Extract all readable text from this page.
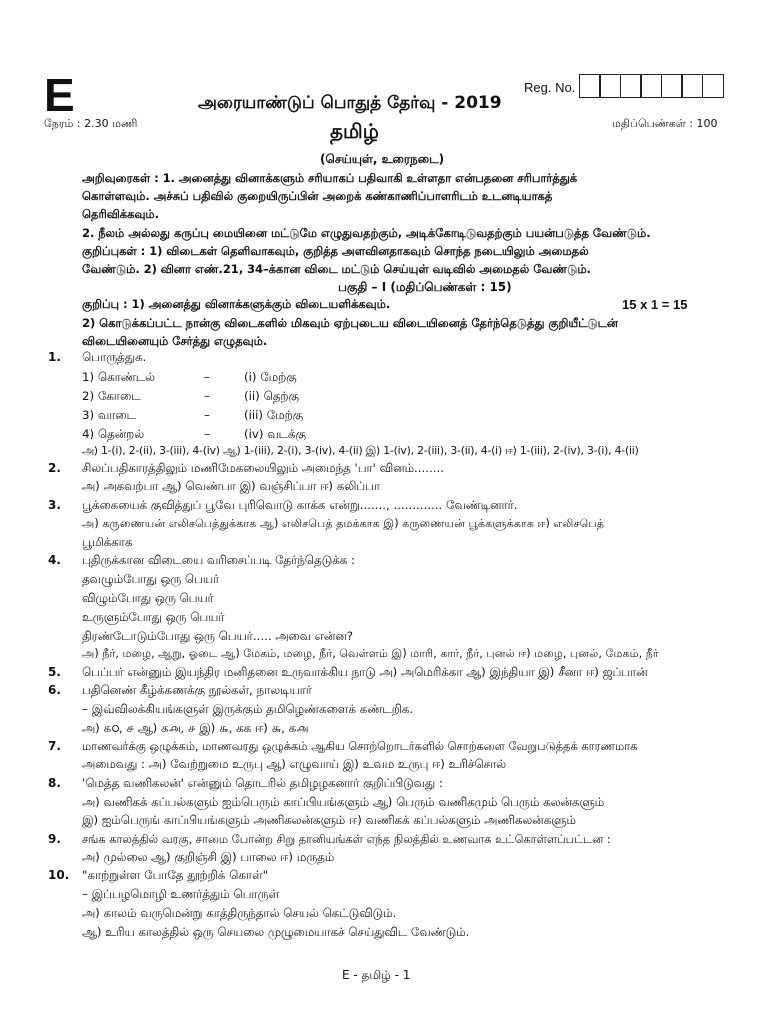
E
நேரம் : 2.30 மணி
Reg. No.
அரையாண்டுப் பொதுத் தேர்வு - 2019
தமிழ்	மதிப்பெண்கள் : 100
(செய்யுள், உரைநடை)
அறிவுரைகள் : 1. அனைத்து வினாக்களும் சரியாகப் பதிவாகி உள்ளதா என்பதனை சரிபார்த்துக்
கொள்ளவும். அச்சுப் பதிவில் குறையிருப்பின் அறைக் கண்காணிப்பாளரிடம் உடனடியாகத்
தெரிவிக்கவும்.
2. நீலம் அல்லது கருப்பு மையினை மட்டுமே எழுதுவதற்கும், அடிக்கோடிடுவதற்கும் பயன்படுத்த வேண்டும்.
குறிப்புகள் : 1) விடைகள் தெளிவாகவும், குறித்த அளவினதாகவும் சொந்த நடையிலும் அமைதல்
வேண்டும். 2) வினா எண்.21, 34–க்கான விடை மட்டும் செய்யுள் வடிவில் அமைதல் வேண்டும்.
பகுதி – I (மதிப்பெண்கள் : 15)
குறிப்பு : 1) அனைத்து வினாக்களுக்கும் விடையளிக்கவும்.	15 x 1 = 15
2) கொடுக்கப்பட்ட நான்கு விடைகளில் மிகவும் ஏற்புடைய விடையினைத் தேர்ந்தெடுத்து குறியீட்டுடன்
விடையினையும் சேர்த்து எழுதவும்.
1. பொருத்துக.
1) கொண்டல்	–	(i) மேற்கு
2) கோடை	–	(ii) தெற்கு
3) வாடை	–	(iii) மேற்கு
4) தென்றல்	–	(iv) வடக்கு
அ) 1-(i), 2-(ii), 3-(iii), 4-(iv) ஆ) 1-(iii), 2-(i), 3-(iv), 4-(ii) இ) 1-(iv), 2-(iii), 3-(ii), 4-(i) ஈ) 1-(iii), 2-(iv), 3-(i), 4-(ii)
2. சிலப்பதிகாரத்திலும் மணிமேகலையிலும் அமைந்த 'பா' வினம்........
அ) அகவற்பா ஆ) வெண்பா இ) வஞ்சிப்பா ஈ) கலிப்பா
3. பூக்கையைக் குவித்துப் பூவே புரிவொடு காக்க என்று......., ............. வேண்டினார்.
அ) கருணையன் எலிசபெத்துக்காக ஆ) எலிசபெத் தமக்காக இ) கருணையன் பூக்களுக்காக ஈ) எலிசபெத்
பூமிக்காக
4. புதிருக்கான விடையை வரிசைப்படி தேர்ந்தெடுக்க :
தவழும்போது ஒரு பெயர்
விழும்போது ஒரு பெயர்
உருளும்போது ஒரு பெயர்
திரண்டோடும்போது ஒரு பெயர்..... அவை என்ன?
அ) நீர், மழை, ஆறு, ஓடை ஆ) மேகம், மழை, நீர், வெள்ளம் இ) மாரி, கார், நீர், புனல் ஈ) மழை, புனல், மேகம், நீர்
5. பெப்பர் என்னும் இயந்திர மனிதனை உருவாக்கிய நாடு அ) அமெரிக்கா ஆ) இந்தியா இ) சீனா ஈ) ஜப்பான்
6. பதினெண் கீழ்க்கணக்கு நூல்கள், நாலடியார்
– இவ்விலக்கியங்களுள் இருக்கும் தமிழெண்களைக் கண்டறிக.
அ) கഠ, ௪ ஆ) க௮, ௪ இ) ௬, கக ஈ) ௬, க௮
7. மாணவர்க்கு ஒழுக்கம், மாணவரது ஒழுக்கம் ஆகிய சொற்றொடர்களில் சொற்களை வேறுபடுத்தக் காரணமாக
அமைவது : அ) வேற்றுமை உருபு ஆ) எழுவாய் இ) உவம உருபு ஈ) உரிச்சொல்
8. 'மெத்த வணிகலன்' என்னும் தொடரில் தமிழழகனார் குறிப்பிடுவது :
அ) வணிகக் கப்பல்களும் ஐம்பெரும் காப்பியங்களும் ஆ) பெரும் வணிகமும் பெரும் கலன்களும்
இ) ஐம்பெருங் காப்பியங்களும் அணிகலன்களும் ஈ) வணிகக் கப்பல்களும் அணிகலன்களும்
9. சங்க காலத்தில் வரகு, சாமை போன்ற சிறு தானியங்கள் எந்த நிலத்தில் உணவாக உட்கொள்ளப்பட்டன :
அ) முல்லை ஆ) குறிஞ்சி இ) பாலை ஈ) மருதம்
10. "காற்றுள்ள போதே தூற்றிக் கொள்"
– இப்பழமொழி உணர்த்தும் பொருள்
அ) காலம் வருமென்று காத்திருந்தால் செயல் கெட்டுவிடும்.
ஆ) உரிய காலத்தில் ஒரு செயலை முழுமையாகச் செய்துவிட வேண்டும்.
E - தமிழ் - 1
